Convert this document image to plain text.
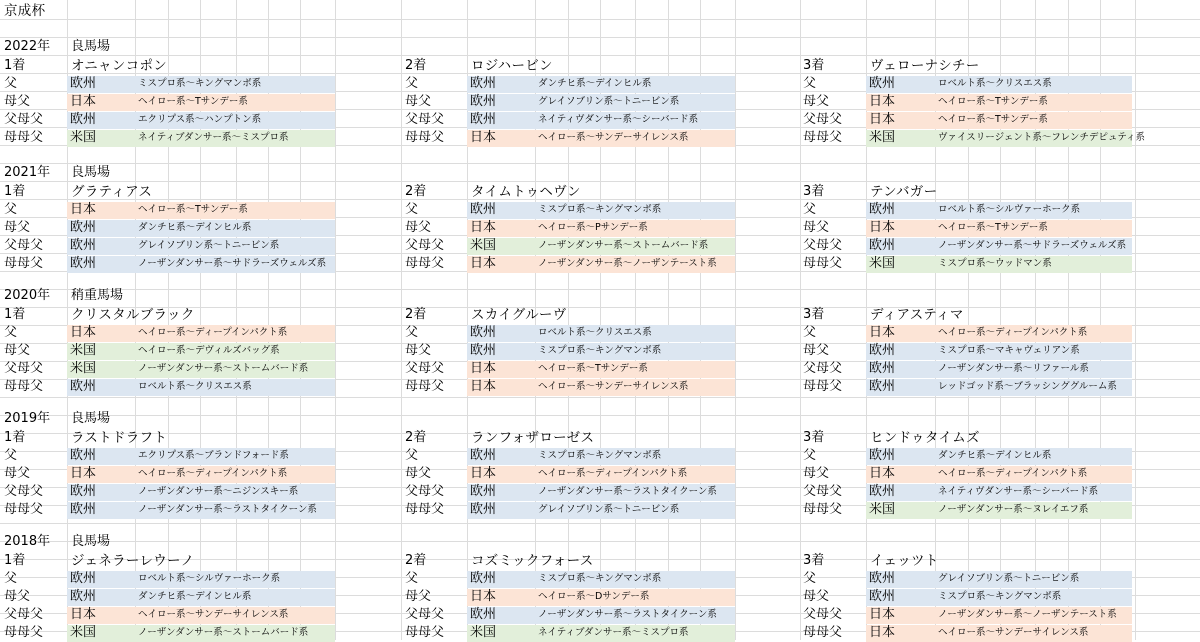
京成杯
2022年 良馬場
1着	オニャンコポン
父	欧州	ミスプロ系〜キングマンボ系
母父	日本	ヘイロー系〜Tサンデー系
父母父 欧州	エクリプス系〜ハンプトン系
母母父 米国	ネイティブダンサー系〜ミスプロ系
2着	ロジハービン
父	欧州	ダンチヒ系〜デインヒル系
母父	欧州	グレイソブリン系〜トニービン系
父母父 欧州	ネイティヴダンサー系〜シーバード系
母母父 日本	ヘイロー系〜サンデーサイレンス系
3着	ヴェローナシチー
父	欧州	ロベルト系〜クリスエス系
母父	日本	ヘイロー系〜Tサンデー系
父母父 日本	ヘイロー系〜Tサンデー系
母母父 米国	ヴァイスリージェント系〜フレンチデピュティ系
2021年 良馬場
1着	グラティアス
父	日本	ヘイロー系〜Tサンデー系
母父	欧州	ダンチヒ系〜デインヒル系
父母父 欧州	グレイソブリン系〜トニービン系
母母父 欧州	ノーザンダンサー系〜サドラーズウェルズ系
2着	タイムトゥヘヴン
父	欧州	ミスプロ系〜キングマンボ系
母父	日本	ヘイロー系〜Pサンデー系
父母父 米国	ノーザンダンサー系〜ストームバード系
母母父 日本	ノーザンダンサー系〜ノーザンテースト系
3着	テンバガー
父	欧州	ロベルト系〜シルヴァーホーク系
母父	日本	ヘイロー系〜Tサンデー系
父母父 欧州	ノーザンダンサー系〜サドラーズウェルズ系
母母父 米国	ミスプロ系〜ウッドマン系
2020年 稍重馬場
1着	クリスタルブラック
父	日本	ヘイロー系〜ディープインパクト系
母父	米国	ヘイロー系〜デヴィルズバッグ系
父母父 米国	ノーザンダンサー系〜ストームバード系
母母父 欧州	ロベルト系〜クリスエス系
2着	スカイグルーヴ
父	欧州	ロベルト系〜クリスエス系
母父	欧州	ミスプロ系〜キングマンボ系
父母父 日本	ヘイロー系〜Tサンデー系
母母父 日本	ヘイロー系〜サンデーサイレンス系
3着	ディアスティマ
父	日本	ヘイロー系〜ディープインパクト系
母父	欧州	ミスプロ系〜マキャヴェリアン系
父母父 欧州	ノーザンダンサー系〜リファール系
母母父 欧州	レッドゴッド系〜ブラッシンググルーム系
2019年 良馬場
1着	ラストドラフト
父	欧州	エクリプス系〜ブランドフォード系
母父	日本	ヘイロー系〜ディープインパクト系
父母父 欧州	ノーザンダンサー系〜ニジンスキー系
母母父 欧州	ノーザンダンサー系〜ラストタイクーン系
2着	ランフォザローゼス
父	欧州	ミスプロ系〜キングマンボ系
母父	日本	ヘイロー系〜ディープインパクト系
父母父 欧州	ノーザンダンサー系〜ラストタイクーン系
母母父 欧州	グレイソブリン系〜トニービン系
3着	ヒンドゥタイムズ
父	欧州	ダンチヒ系〜デインヒル系
母父	日本	ヘイロー系〜ディープインパクト系
父母父 欧州	ネイティヴダンサー系〜シーバード系
母母父 米国	ノーザンダンサー系〜ヌレイエフ系
2018年 良馬場
1着	ジェネラーレウーノ
父	欧州	ロベルト系〜シルヴァーホーク系
母父	欧州	ダンチヒ系〜デインヒル系
父母父 日本	ヘイロー系〜サンデーサイレンス系
母母父 米国	ノーザンダンサー系〜ストームバード系
2着	コズミックフォース
父	欧州	ミスプロ系〜キングマンボ系
母父	日本	ヘイロー系〜Dサンデー系
父母父 欧州	ノーザンダンサー系〜ラストタイクーン系
母母父 米国	ネイティブダンサー系〜ミスプロ系
3着	イェッツト
父	欧州	グレイソブリン系〜トニービン系
母父	欧州	ミスプロ系〜キングマンボ系
父母父 日本	ノーザンダンサー系〜ノーザンテースト系
母母父 日本	ヘイロー系〜サンデーサイレンス系
